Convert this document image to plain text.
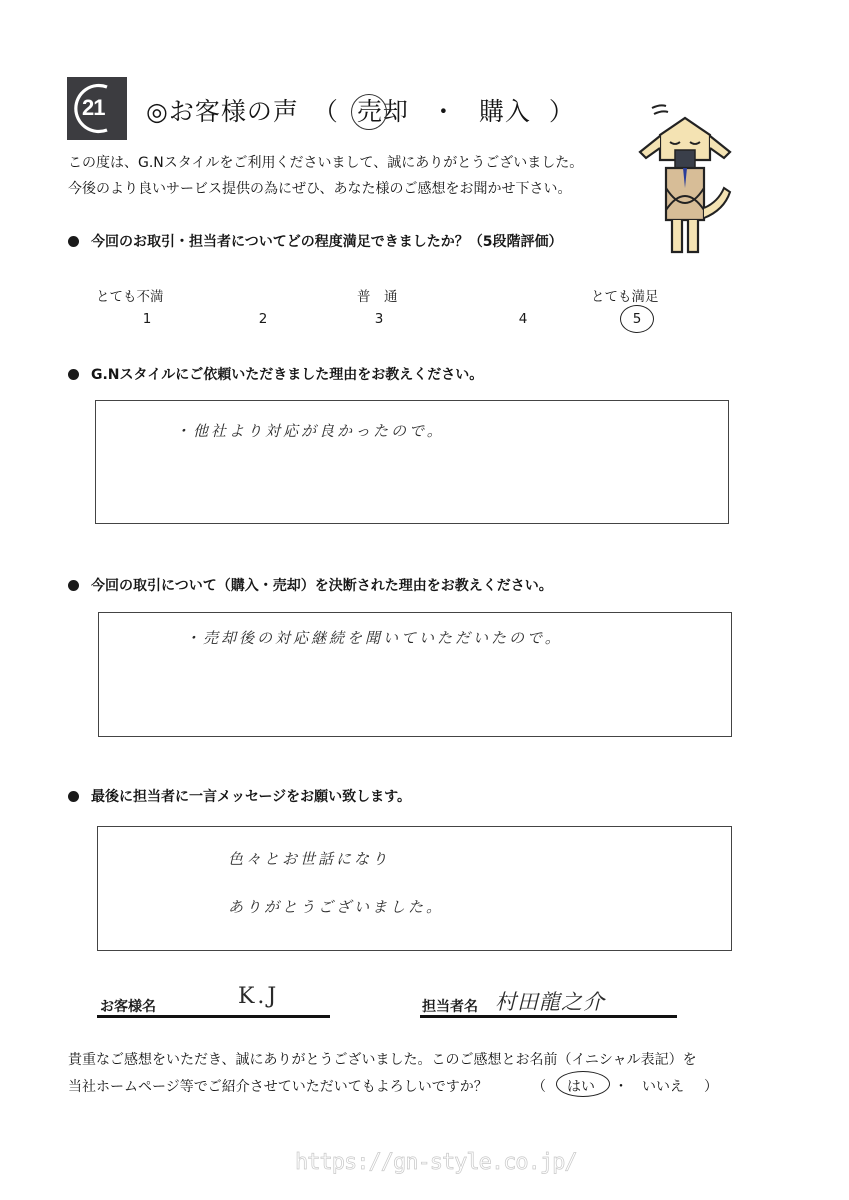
21 ◎お客様の声 （ 売却 ・ 購入 ）
この度は、G.Nスタイルをご利用くださいまして、誠にありがとうございました。
今後のより良いサービス提供の為にぜひ、あなた様のご感想をお聞かせ下さい。
今回のお取引・担当者についてどの程度満足できましたか？（5段階評価）
とても不満	普　通	とても満足
1	2	3	4	5
G.Nスタイルにご依頼いただきました理由をお教えください。
・他社より対応が良かったので。
今回の取引について（購入・売却）を決断された理由をお教えください。
・売却後の対応継続を聞いていただいたので。
最後に担当者に一言メッセージをお願い致します。
色々とお世話になり
ありがとうございました。
お客様名	K.J	担当者名 村田龍之介
貴重なご感想をいただき、誠にありがとうございました。このご感想とお名前（イニシャル表記）を
当社ホームページ等でご紹介させていただいてもよろしいですか？	（ はい ・ いいえ ）
https://gn-style.co.jp/
